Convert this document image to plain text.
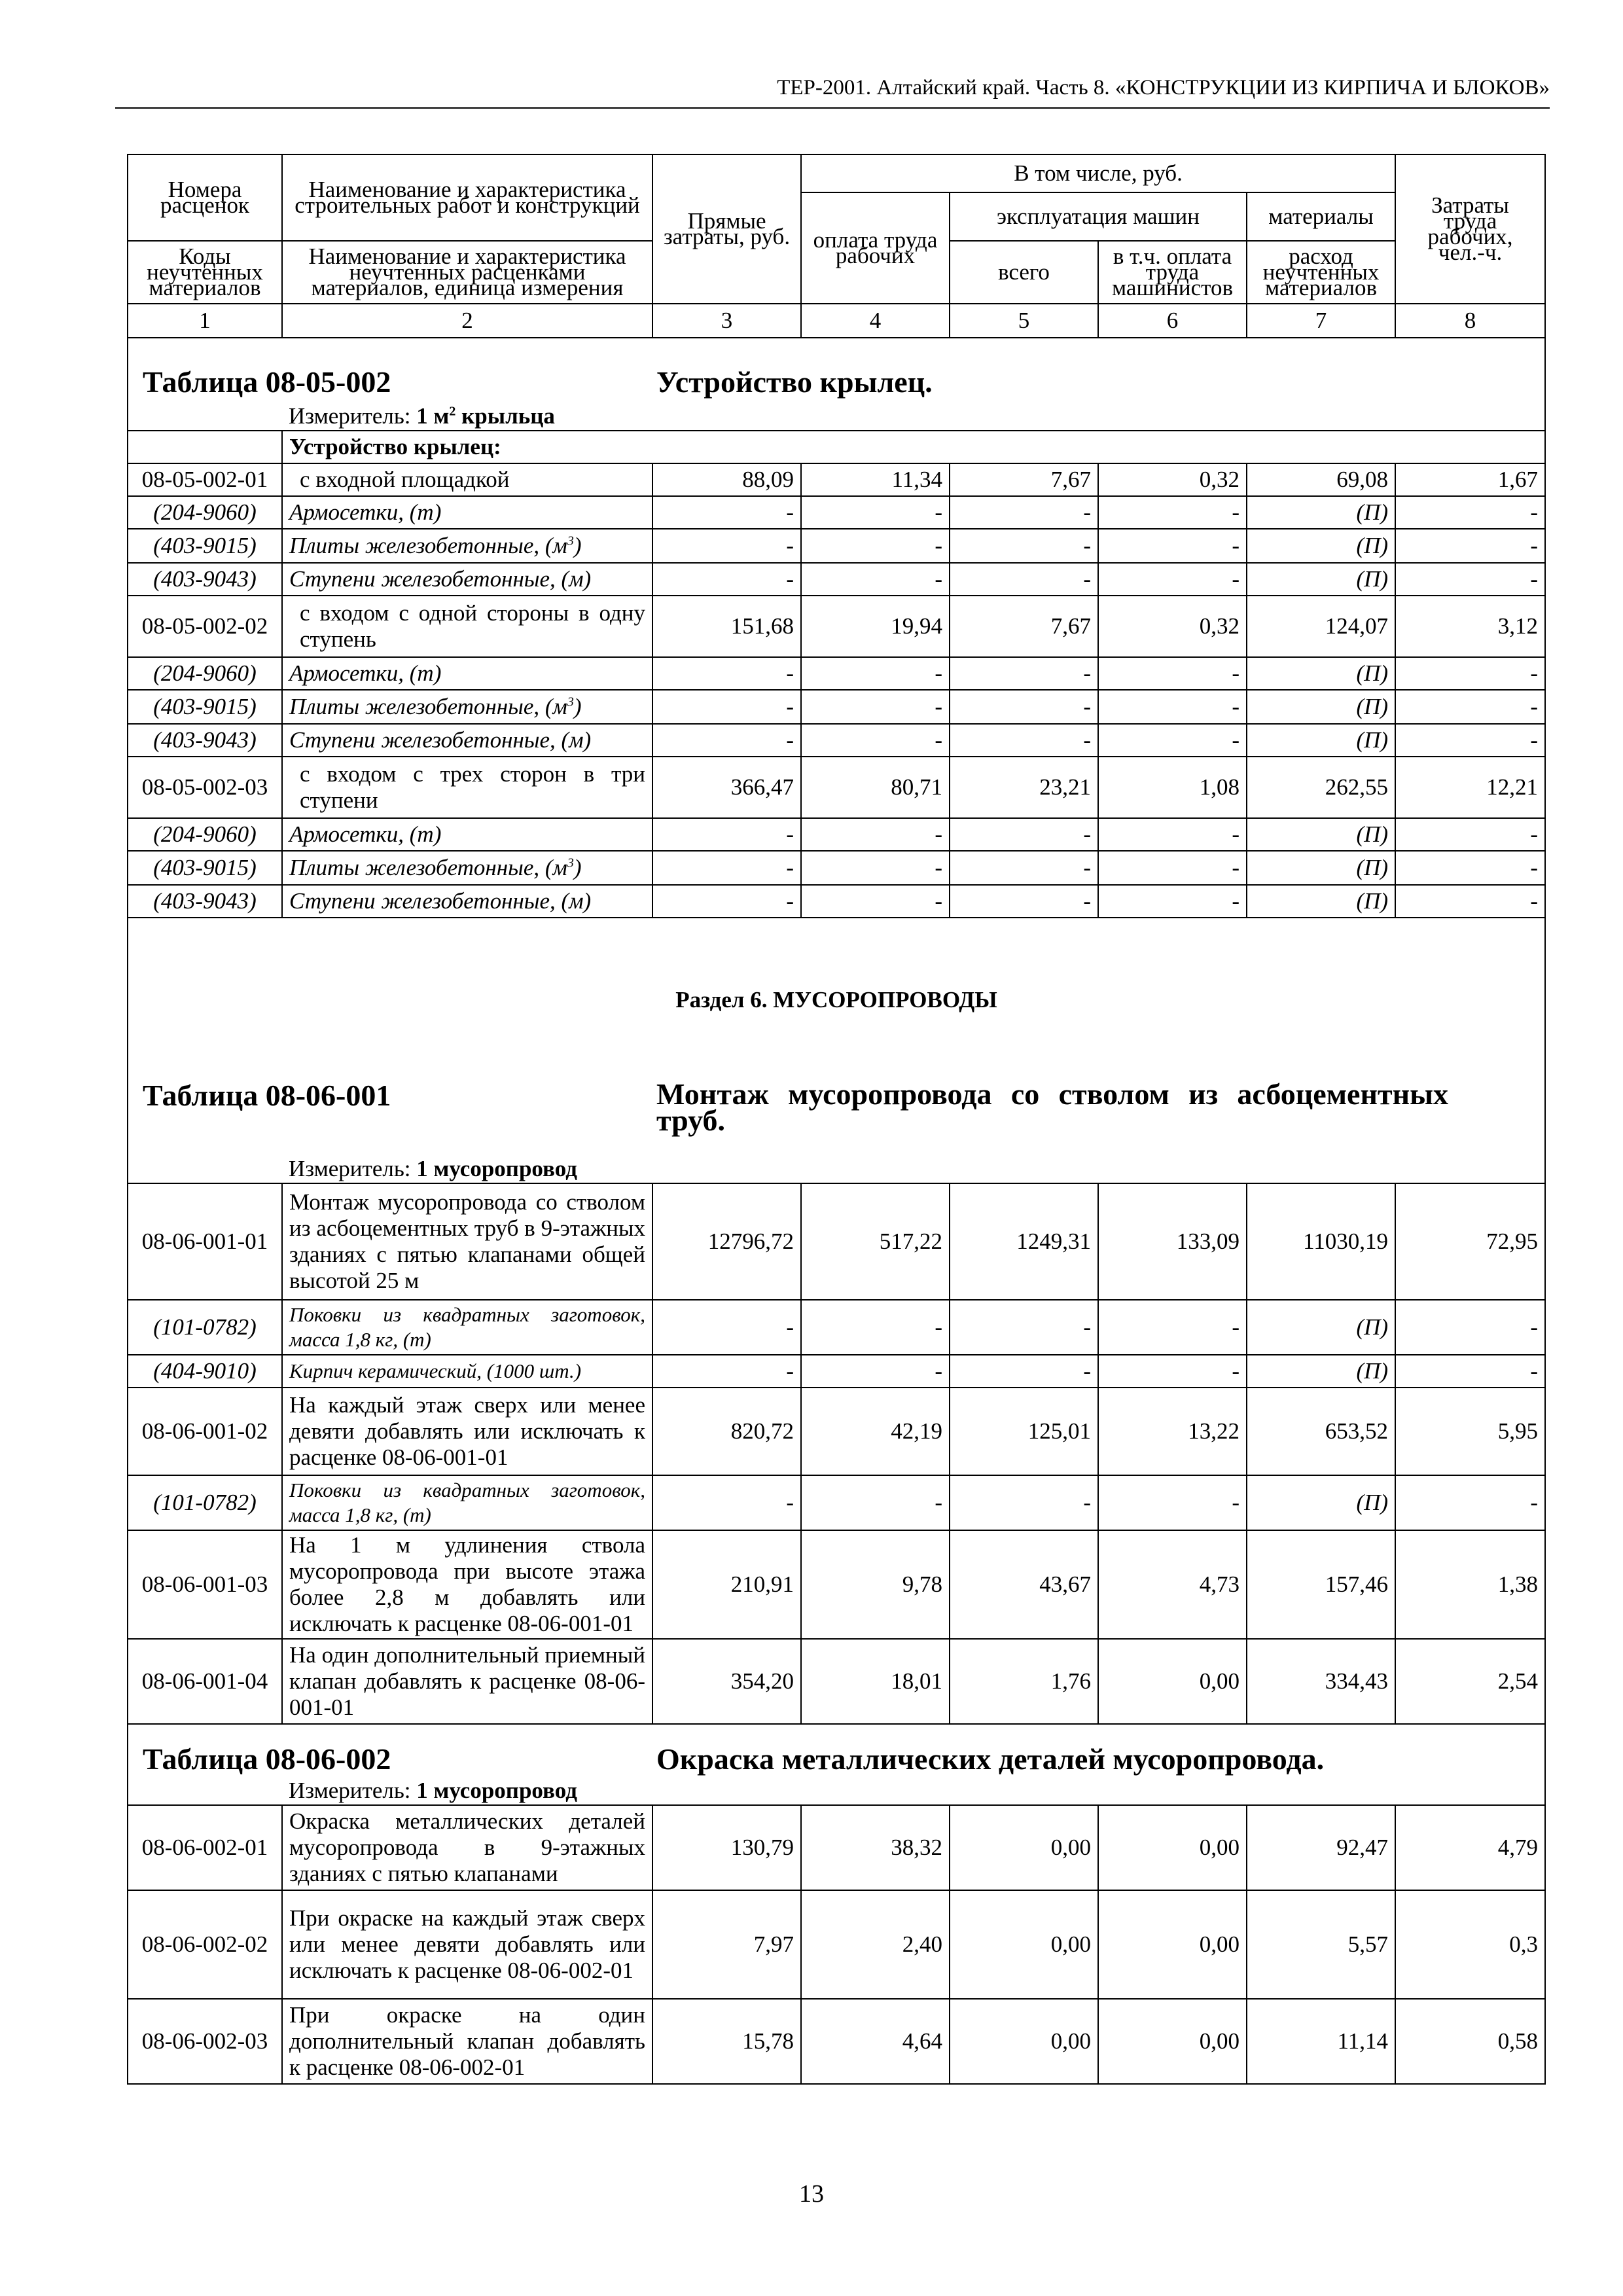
ТЕР-2001. Алтайский край. Часть 8. «КОНСТРУКЦИИ ИЗ КИРПИЧА И БЛОКОВ»
Номера расценок	Наименование и характеристика строительных работ и конструкций	Прямые затраты, руб.	В том числе, руб.				Затраты труда рабочих, чел.-ч.
			оплата труда рабочих	эксплуатация машин		материалы	
Коды неучтенных материалов	Наименование и характеристика неучтенных расценками материалов, единица измерения			всего	в т.ч. оплата труда машинистов	расход неучтенных материалов	
1	2	3	4	5	6	7	8
Таблица 08-05-002 Устройство крылец.							
	Измеритель: 1 $м^2$ крыльца						
	Устройство крылец:						
08-05-002-01	с входной площадкой	88,09	11,34	7,67	0,32	69,08	1,67
(204-9060)	Армосетки, (т)	-	-	-	-	(П)	-
(403-9015)	Плиты железобетонные, $(м^3)$	-	-	-	-	(П)	-
(403-9043)	Ступени железобетонные, (м)	-	-	-	-	(П)	-
08-05-002-02	с входом с одной стороны в одну ступень	151,68	19,94	7,67	0,32	124,07	3,12
(204-9060)	Армосетки, (т)	-	-	-	-	(П)	-
(403-9015)	Плиты железобетонные, $(м^3)$	-	-	-	-	(П)	-
(403-9043)	Ступени железобетонные, (м)	-	-	-	-	(П)	-
08-05-002-03	с входом с трех сторон в три ступени	366,47	80,71	23,21	1,08	262,55	12,21
(204-9060)	Армосетки, (т)	-	-	-	-	(П)	-
(403-9015)	Плиты железобетонные, $(м^3)$	-	-	-	-	(П)	-
(403-9043)	Ступени железобетонные, (м)	-	-	-	-	(П)	-
Раздел 6. МУСОРОПРОВОДЫ							

Таблица 08-06-001 Монтаж мусоропровода со стволом из асбоцементных труб.							

	Измеритель: 1 мусоропровод						
08-06-001-01	Монтаж мусоропровода со стволом из асбоцементных труб в 9-этажных зданиях с пятью клапанами общей высотой 25 м	12796,72	517,22	1249,31	133,09	11030,19	72,95
(101-0782)	Поковки из квадратных заготовок, масса 1,8 кг, (т)	-	-	-	-	(П)	-
(404-9010)	Кирпич керамический, (1000 шт.)	-	-	-	-	(П)	-
08-06-001-02	На каждый этаж сверх или менее девяти добавлять или исключать к расценке 08-06-001-01	820,72	42,19	125,01	13,22	653,52	5,95
(101-0782)	Поковки из квадратных заготовок, масса 1,8 кг, (т)	-	-	-	-	(П)	-
08-06-001-03	На 1 м удлинения ствола мусоропровода при высоте этажа более 2,8 м добавлять или исключать к расценке 08-06-001-01	210,91	9,78	43,67	4,73	157,46	1,38
08-06-001-04	На один дополнительный приемный клапан добавлять к расценке 08-06-001-01	354,20	18,01	1,76	0,00	334,43	2,54
Таблица 08-06-002 Окраска металлических деталей мусоропровода.							
	Измеритель: 1 мусоропровод						
08-06-002-01	Окраска металлических деталей мусоропровода в 9-этажных зданиях с пятью клапанами	130,79	38,32	0,00	0,00	92,47	4,79
08-06-002-02	При окраске на каждый этаж сверх или менее девяти добавлять или исключать к расценке 08-06-002-01	7,97	2,40	0,00	0,00	5,57	0,3
08-06-002-03	При окраске на один дополнительный клапан добавлять к расценке 08-06-002-01	15,78	4,64	0,00	0,00	11,14	0,58
13
